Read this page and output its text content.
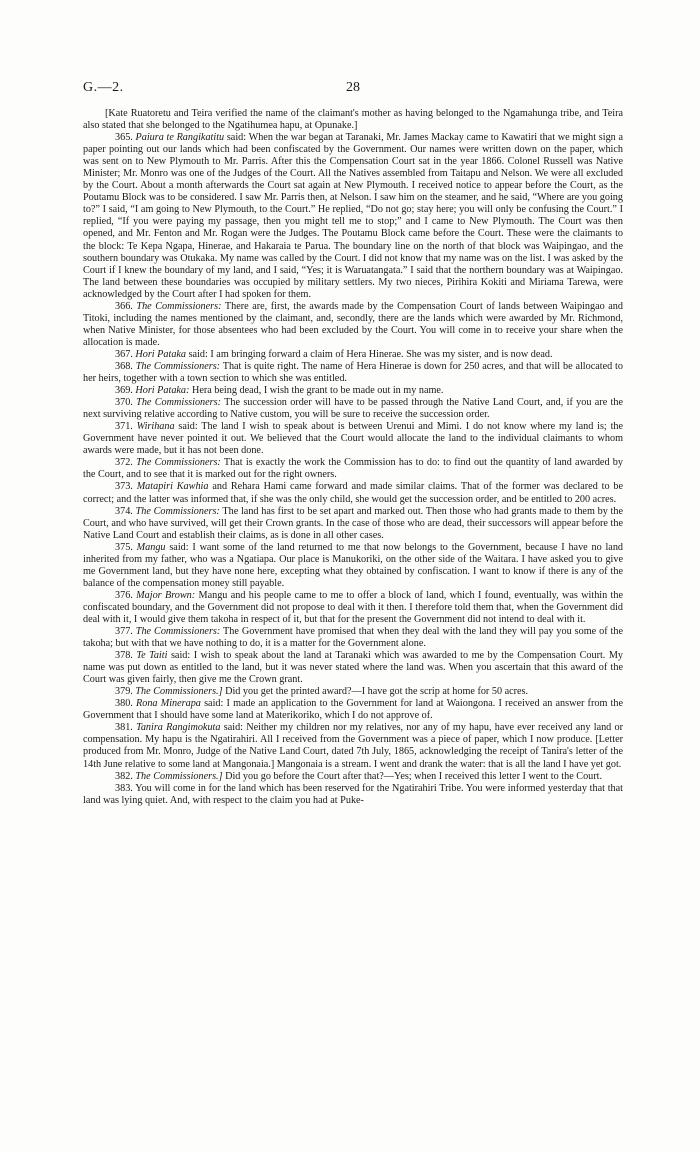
G.—2.	28

[Kate Ruatoretu and Teira verified the name of the claimant's mother as having belonged to the Ngamahunga tribe, and Teira also stated that she belonged to the Ngatihumea hapu, at Opunake.]

365. Paiura te Rangikatitu said: When the war began at Taranaki, Mr. James Mackay came to Kawatiri that we might sign a paper pointing out our lands which had been confiscated by the Government. Our names were written down on the paper, which was sent on to New Plymouth to Mr. Parris. After this the Compensation Court sat in the year 1866. Colonel Russell was Native Minister; Mr. Monro was one of the Judges of the Court. All the Natives assembled from Taitapu and Nelson. We were all excluded by the Court. About a month afterwards the Court sat again at New Plymouth. I received notice to appear before the Court, as the Poutamu Block was to be considered. I saw Mr. Parris then, at Nelson. I saw him on the steamer, and he said, “Where are you going to?” I said, “I am going to New Plymouth, to the Court.” He replied, “Do not go; stay here; you will only be confusing the Court.” I replied, “If you were paying my passage, then you might tell me to stop;” and I came to New Plymouth. The Court was then opened, and Mr. Fenton and Mr. Rogan were the Judges. The Poutamu Block came before the Court. These were the claimants to the block: Te Kepa Ngapa, Hinerae, and Hakaraia te Parua. The boundary line on the north of that block was Waipingao, and the southern boundary was Otukaka. My name was called by the Court. I did not know that my name was on the list. I was asked by the Court if I knew the boundary of my land, and I said, “Yes; it is Waruatangata.” I said that the northern boundary was at Waipingao. The land between these boundaries was occupied by military settlers. My two nieces, Pirihira Kokiti and Miriama Tarewa, were acknowledged by the Court after I had spoken for them.

366. The Commissioners: There are, first, the awards made by the Compensation Court of lands between Waipingao and Titoki, including the names mentioned by the claimant, and, secondly, there are the lands which were awarded by Mr. Richmond, when Native Minister, for those absentees who had been excluded by the Court. You will come in to receive your share when the allocation is made.

367. Hori Pataka said: I am bringing forward a claim of Hera Hinerae. She was my sister, and is now dead.

368. The Commissioners: That is quite right. The name of Hera Hinerae is down for 250 acres, and that will be allocated to her heirs, together with a town section to which she was entitled.

369. Hori Pataka: Hera being dead, I wish the grant to be made out in my name.

370. The Commissioners: The succession order will have to be passed through the Native Land Court, and, if you are the next surviving relative according to Native custom, you will be sure to receive the succession order.

371. Wirihana said: The land I wish to speak about is between Urenui and Mimi. I do not know where my land is; the Government have never pointed it out. We believed that the Court would allocate the land to the individual claimants to whom awards were made, but it has not been done.

372. The Commissioners: That is exactly the work the Commission has to do: to find out the quantity of land awarded by the Court, and to see that it is marked out for the right owners.

373. Matapiri Kawhia and Rehara Hami came forward and made similar claims. That of the former was declared to be correct; and the latter was informed that, if she was the only child, she would get the succession order, and be entitled to 200 acres.

374. The Commissioners: The land has first to be set apart and marked out. Then those who had grants made to them by the Court, and who have survived, will get their Crown grants. In the case of those who are dead, their successors will appear before the Native Land Court and establish their claims, as is done in all other cases.

375. Mangu said: I want some of the land returned to me that now belongs to the Government, because I have no land inherited from my father, who was a Ngatiapa. Our place is Manukoriki, on the other side of the Waitara. I have asked you to give me Government land, but they have none here, excepting what they obtained by confiscation. I want to know if there is any of the balance of the compensation money still payable.

376. Major Brown: Mangu and his people came to me to offer a block of land, which I found, eventually, was within the confiscated boundary, and the Government did not propose to deal with it then. I therefore told them that, when the Government did deal with it, I would give them takoha in respect of it, but that for the present the Government did not intend to deal with it.

377. The Commissioners: The Government have promised that when they deal with the land they will pay you some of the takoha; but with that we have nothing to do, it is a matter for the Government alone.

378. Te Taiti said: I wish to speak about the land at Taranaki which was awarded to me by the Compensation Court. My name was put down as entitled to the land, but it was never stated where the land was. When you ascertain that this award of the Court was given fairly, then give me the Crown grant.

379. The Commissioners.] Did you get the printed award?—I have got the scrip at home for 50 acres.

380. Rona Minerapa said: I made an application to the Government for land at Waiongona. I received an answer from the Government that I should have some land at Materikoriko, which I do not approve of.

381. Tanira Rangimokuta said: Neither my children nor my relatives, nor any of my hapu, have ever received any land or compensation. My hapu is the Ngatirahiri. All I received from the Government was a piece of paper, which I now produce. [Letter produced from Mr. Monro, Judge of the Native Land Court, dated 7th July, 1865, acknowledging the receipt of Tanira's letter of the 14th June relative to some land at Mangonaia.] Mangonaia is a stream. I went and drank the water: that is all the land I have yet got.

382. The Commissioners.] Did you go before the Court after that?—Yes; when I received this letter I went to the Court.

383. You will come in for the land which has been reserved for the Ngatirahiri Tribe. You were informed yesterday that that land was lying quiet. And, with respect to the claim you had at Puke-
